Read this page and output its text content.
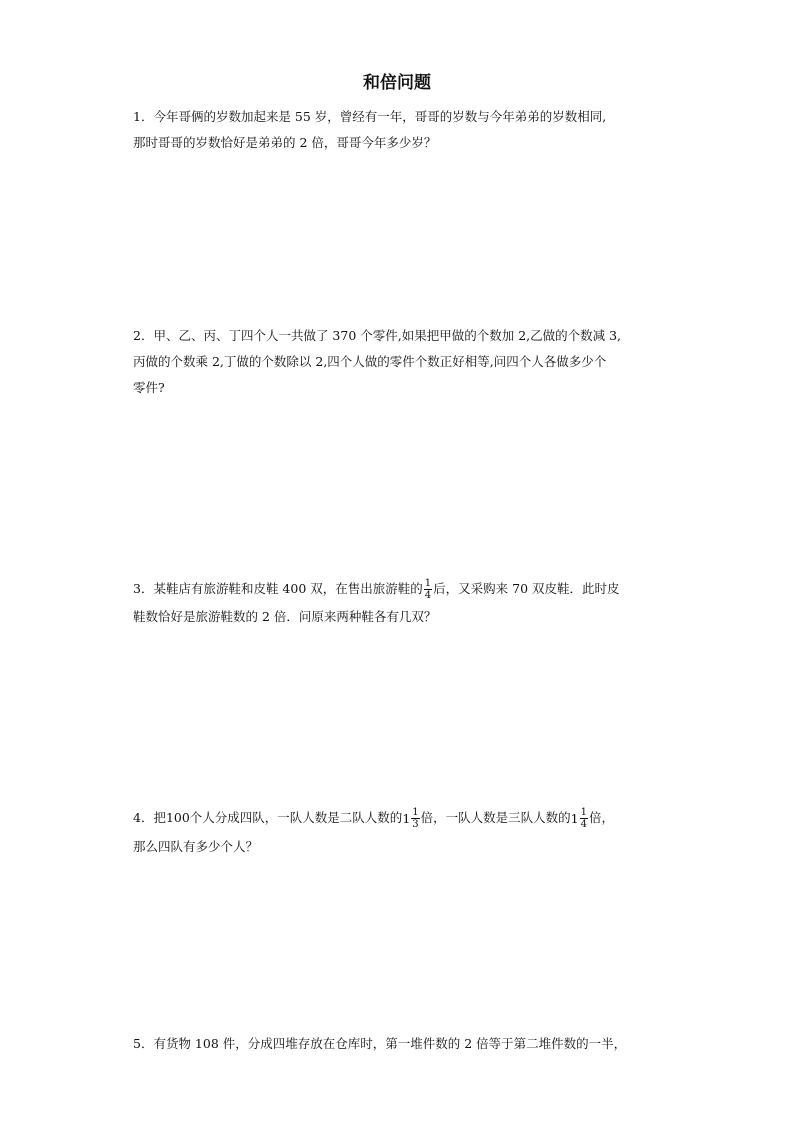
和倍问题
1．今年哥俩的岁数加起来是 55 岁，曾经有一年，哥哥的岁数与今年弟弟的岁数相同,
那时哥哥的岁数恰好是弟弟的 2 倍，哥哥今年多少岁？
2．甲、乙、丙、丁四个人一共做了 370 个零件,如果把甲做的个数加 2,乙做的个数减 3,
丙做的个数乘 2,丁做的个数除以 2,四个人做的零件个数正好相等,问四个人各做多少个
零件?
3．某鞋店有旅游鞋和皮鞋 400 双，在售出旅游鞋的 $\frac{1}{4}$ 后，又采购来 70 双皮鞋．此时皮
鞋数恰好是旅游鞋数的 2 倍．问原来两种鞋各有几双？
4．把100个人分成四队，一队人数是二队人数的$1 \frac{1}{3}$ 倍，一队人数是三队人数的$1 \frac{1}{4}$ 倍，
那么四队有多少个人？
5．有货物 108 件，分成四堆存放在仓库时，第一堆件数的 2 倍等于第二堆件数的一半，
